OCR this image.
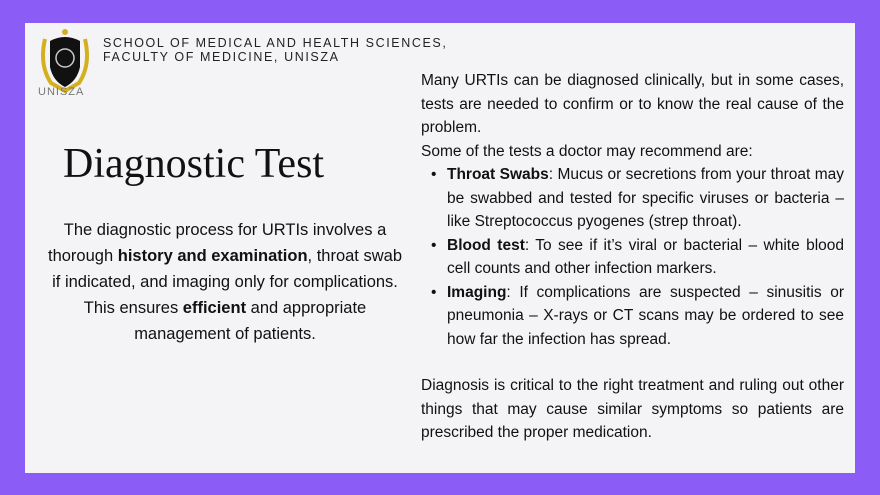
UNISZA
SCHOOL OF MEDICAL AND HEALTH SCIENCES,
FACULTY OF MEDICINE, UNISZA
Diagnostic Test
The diagnostic process for URTIs involves a thorough history and examination, throat swab if indicated, and imaging only for complications. This ensures efficient and appropriate management of patients.
Many URTIs can be diagnosed clinically, but in some cases, tests are needed to confirm or to know the real cause of the problem.
Some of the tests a doctor may recommend are:
• Throat Swabs: Mucus or secretions from your throat may be swabbed and tested for specific viruses or bacteria – like Streptococcus pyogenes (strep throat).
• Blood test: To see if it’s viral or bacterial – white blood cell counts and other infection markers.
• Imaging: If complications are suspected – sinusitis or pneumonia – X-rays or CT scans may be ordered to see how far the infection has spread.
Diagnosis is critical to the right treatment and ruling out other things that may cause similar symptoms so patients are prescribed the proper medication.
